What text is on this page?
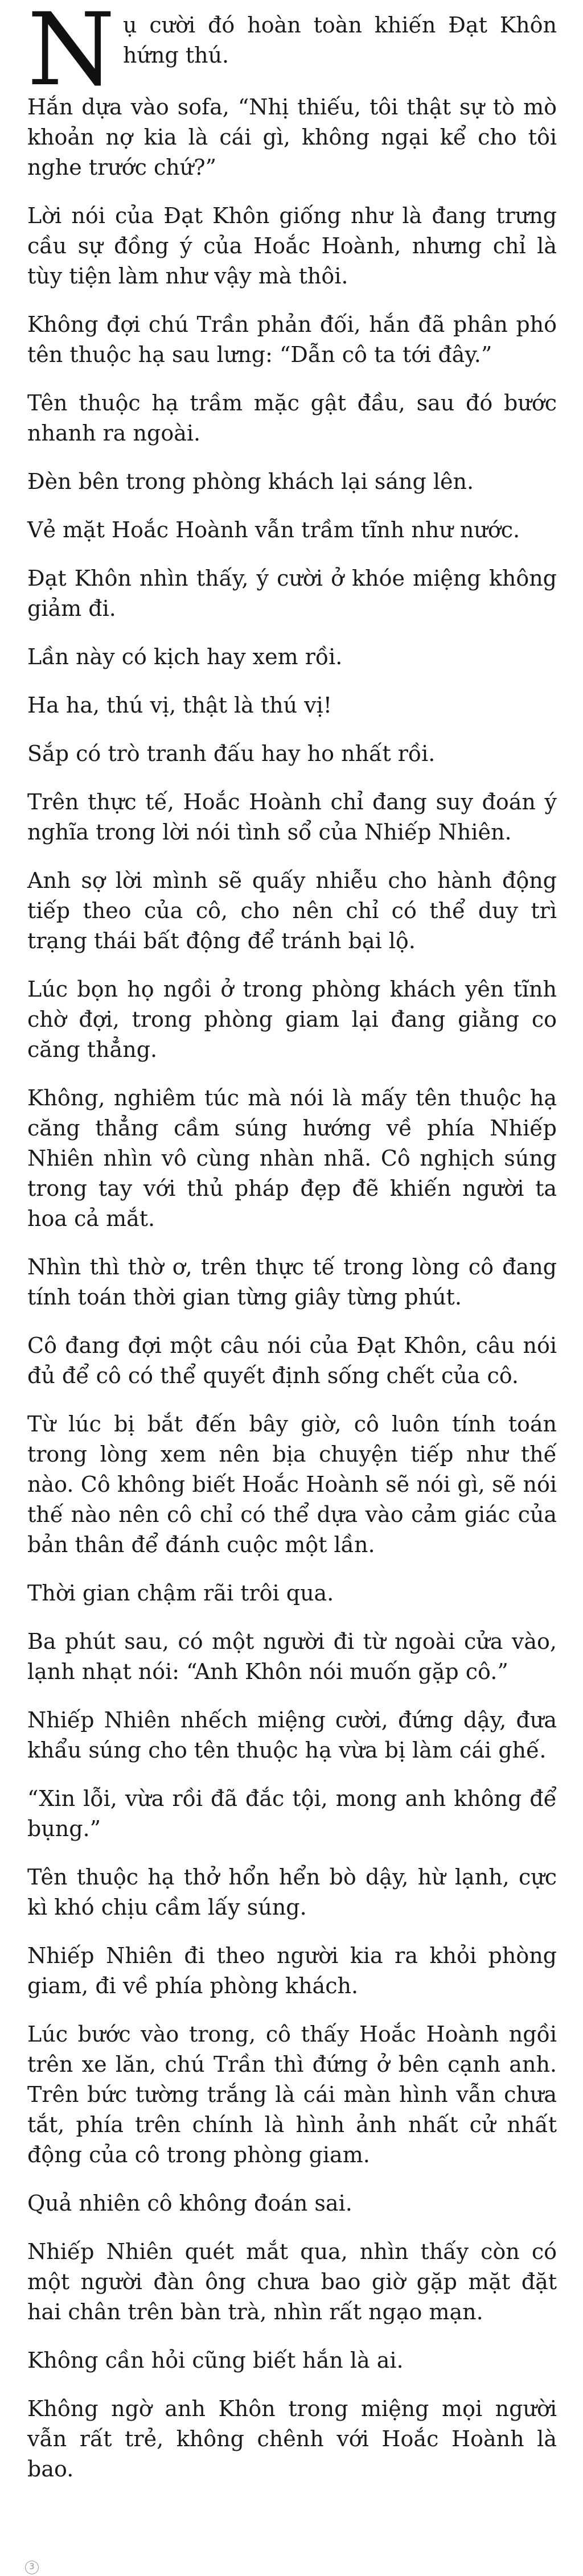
Nụ cười đó hoàn toàn khiến Đạt Khôn hứng thú.

Hắn dựa vào sofa, “Nhị thiếu, tôi thật sự tò mò khoản nợ kia là cái gì, không ngại kể cho tôi nghe trước chứ?”

Lời nói của Đạt Khôn giống như là đang trưng cầu sự đồng ý của Hoắc Hoành, nhưng chỉ là tùy tiện làm như vậy mà thôi.

Không đợi chú Trần phản đối, hắn đã phân phó tên thuộc hạ sau lưng: “Dẫn cô ta tới đây.”

Tên thuộc hạ trầm mặc gật đầu, sau đó bước nhanh ra ngoài.

Đèn bên trong phòng khách lại sáng lên.

Vẻ mặt Hoắc Hoành vẫn trầm tĩnh như nước.

Đạt Khôn nhìn thấy, ý cười ở khóe miệng không giảm đi.

Lần này có kịch hay xem rồi.

Ha ha, thú vị, thật là thú vị!

Sắp có trò tranh đấu hay ho nhất rồi.

Trên thực tế, Hoắc Hoành chỉ đang suy đoán ý nghĩa trong lời nói tình sổ của Nhiếp Nhiên.

Anh sợ lời mình sẽ quấy nhiễu cho hành động tiếp theo của cô, cho nên chỉ có thể duy trì trạng thái bất động để tránh bại lộ.

Lúc bọn họ ngồi ở trong phòng khách yên tĩnh chờ đợi, trong phòng giam lại đang giằng co căng thẳng.

Không, nghiêm túc mà nói là mấy tên thuộc hạ căng thẳng cầm súng hướng về phía Nhiếp Nhiên nhìn vô cùng nhàn nhã. Cô nghịch súng trong tay với thủ pháp đẹp đẽ khiến người ta hoa cả mắt.

Nhìn thì thờ ơ, trên thực tế trong lòng cô đang tính toán thời gian từng giây từng phút.

Cô đang đợi một câu nói của Đạt Khôn, câu nói đủ để cô có thể quyết định sống chết của cô.

Từ lúc bị bắt đến bây giờ, cô luôn tính toán trong lòng xem nên bịa chuyện tiếp như thế nào. Cô không biết Hoắc Hoành sẽ nói gì, sẽ nói thế nào nên cô chỉ có thể dựa vào cảm giác của bản thân để đánh cuộc một lần.

Thời gian chậm rãi trôi qua.

Ba phút sau, có một người đi từ ngoài cửa vào, lạnh nhạt nói: “Anh Khôn nói muốn gặp cô.”

Nhiếp Nhiên nhếch miệng cười, đứng dậy, đưa khẩu súng cho tên thuộc hạ vừa bị làm cái ghế.

“Xin lỗi, vừa rồi đã đắc tội, mong anh không để bụng.”

Tên thuộc hạ thở hổn hển bò dậy, hừ lạnh, cực kì khó chịu cầm lấy súng.

Nhiếp Nhiên đi theo người kia ra khỏi phòng giam, đi về phía phòng khách.

Lúc bước vào trong, cô thấy Hoắc Hoành ngồi trên xe lăn, chú Trần thì đứng ở bên cạnh anh. Trên bức tường trắng là cái màn hình vẫn chưa tắt, phía trên chính là hình ảnh nhất cử nhất động của cô trong phòng giam.

Quả nhiên cô không đoán sai.

Nhiếp Nhiên quét mắt qua, nhìn thấy còn có một người đàn ông chưa bao giờ gặp mặt đặt hai chân trên bàn trà, nhìn rất ngạo mạn.

Không cần hỏi cũng biết hắn là ai.

Không ngờ anh Khôn trong miệng mọi người vẫn rất trẻ, không chênh với Hoắc Hoành là bao.

3
